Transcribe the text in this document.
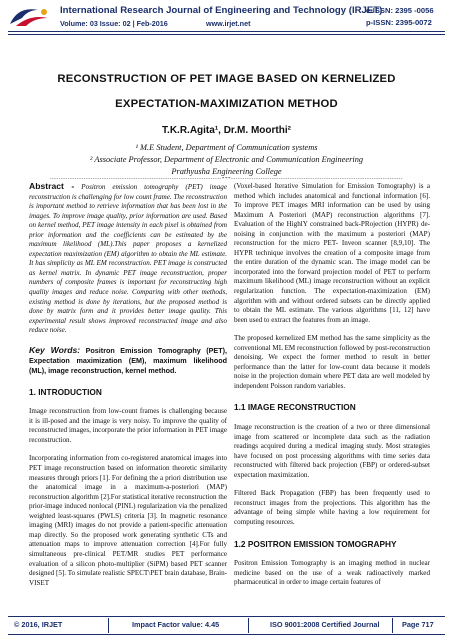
International Research Journal of Engineering and Technology (IRJET)
e-ISSN: 2395 -0056
Volume: 03 Issue: 02 | Feb-2016	www.irjet.net	p-ISSN: 2395-0072
RECONSTRUCTION OF PET IMAGE BASED ON KERNELIZED
EXPECTATION-MAXIMIZATION METHOD
T.K.R.Agita¹, Dr.M. Moorthi²
¹ M.E Student, Department of Communication systems
² Associate Professor, Department of Electronic and Communication Engineering
Prathyusha Engineering College
----------------------------------------------------------------------------***----------------------------------------------------------------------------

Abstract - Positron emission tomography (PET) image reconstruction is challenging for low count frame. The reconstruction is important method to retrieve information that has been lost in the images. To improve image quality, prior information are used. Based on kernel method, PET image intensity in each pixel is obtained from prior information and the coefficients can be estimated by the maximum likelihood (ML).This paper proposes a kernelized expectation maximization (EM) algorithm to obtain the ML estimate. It has simplicity as ML EM reconstruction. PET image is constructed as kernel matrix. In dynamic PET image reconstruction, proper numbers of composite frames is important for reconstructing high quality images and reduce noise. Comparing with other methods, existing method is done by iterations, but the proposed method is done by matrix form and it provides better image quality. This experimental result shows improved reconstructed image and also reduce noise.

Key Words: Positron Emission Tomography (PET), Expectation maximization (EM), maximum likelihood (ML), image reconstruction, kernel method.

1. INTRODUCTION

Image reconstruction from low-count frames is challenging because it is ill-posed and the image is very noisy. To improve the quality of reconstructed images, incorporate the prior information in PET image reconstruction.

Incorporating information from co-registered anatomical images into PET image reconstruction based on information theoretic similarity measures through priors [1]. For defining the a priori distribution use the anatomical image in a maximum-a-posteriori (MAP) reconstruction algorithm [2].For statistical iterative reconstruction the prior-image induced nonlocal (PINL) regularization via the penalized weighted least-squares (PWLS) criteria [3]. In magnetic resonance imaging (MRI) images do not provide a patient-specific attenuation map directly. So the proposed work generating synthetic CTs and attenuation maps to improve attenuation correction [4].For fully simultaneous pre-clinical PET/MR studies PET performance evaluation of a silicon photo-multiplier (SiPM) based PET scanner designed [5]. To simulate realistic SPECT\PET brain database, Brain-VISET

(Voxel-based Iterative Simulation for Emission Tomography) is a method which includes anatomical and functional information [6]. To improve PET images MRI information can be used by using Maximum A Posteriori (MAP) reconstruction algorithms [7]. Evaluation of the HighlY constrained back-PRojection (HYPR) de-noising in conjunction with the maximum a posteriori (MAP) reconstruction for the micro PET- Inveon scanner [8,9,10]. The HYPR technique involves the creation of a composite image from the entire duration of the dynamic scan. The image model can be incorporated into the forward projection model of PET to perform maximum likelihood (ML) image reconstruction without an explicit regularization function. The expectation-maximization (EM) algorithm with and without ordered subsets can be directly applied to obtain the ML estimate. The various algorithms [11, 12] have been used to extract the features from an image.

The proposed kernelized EM method has the same simplicity as the conventional ML EM reconstruction followed by post-reconstruction denoising. We expect the former method to result in better performance than the latter for low-count data because it models noise in the projection domain where PET data are well modeled by independent Poisson random variables.

1.1 IMAGE RECONSTRUCTION

Image reconstruction is the creation of a two or three dimensional image from scattered or incomplete data such as the radiation readings acquired during a medical imaging study. Most strategies have focused on post processing algorithms with time series data reconstructed with filtered back projection (FBP) or ordered-subset expectation maximization.

Filtered Back Propagation (FBP) has been frequently used to reconstruct images from the projections. This algorithm has the advantage of being simple while having a low requirement for computing resources.

1.2 POSITRON EMISSION TOMOGRAPHY

Positron Emission Tomography is an imaging method in nuclear medicine based on the use of a weak radioactively marked pharmaceutical in order to image certain features of

© 2016, IRJET	Impact Factor value: 4.45	ISO 9001:2008 Certified Journal	Page 717
